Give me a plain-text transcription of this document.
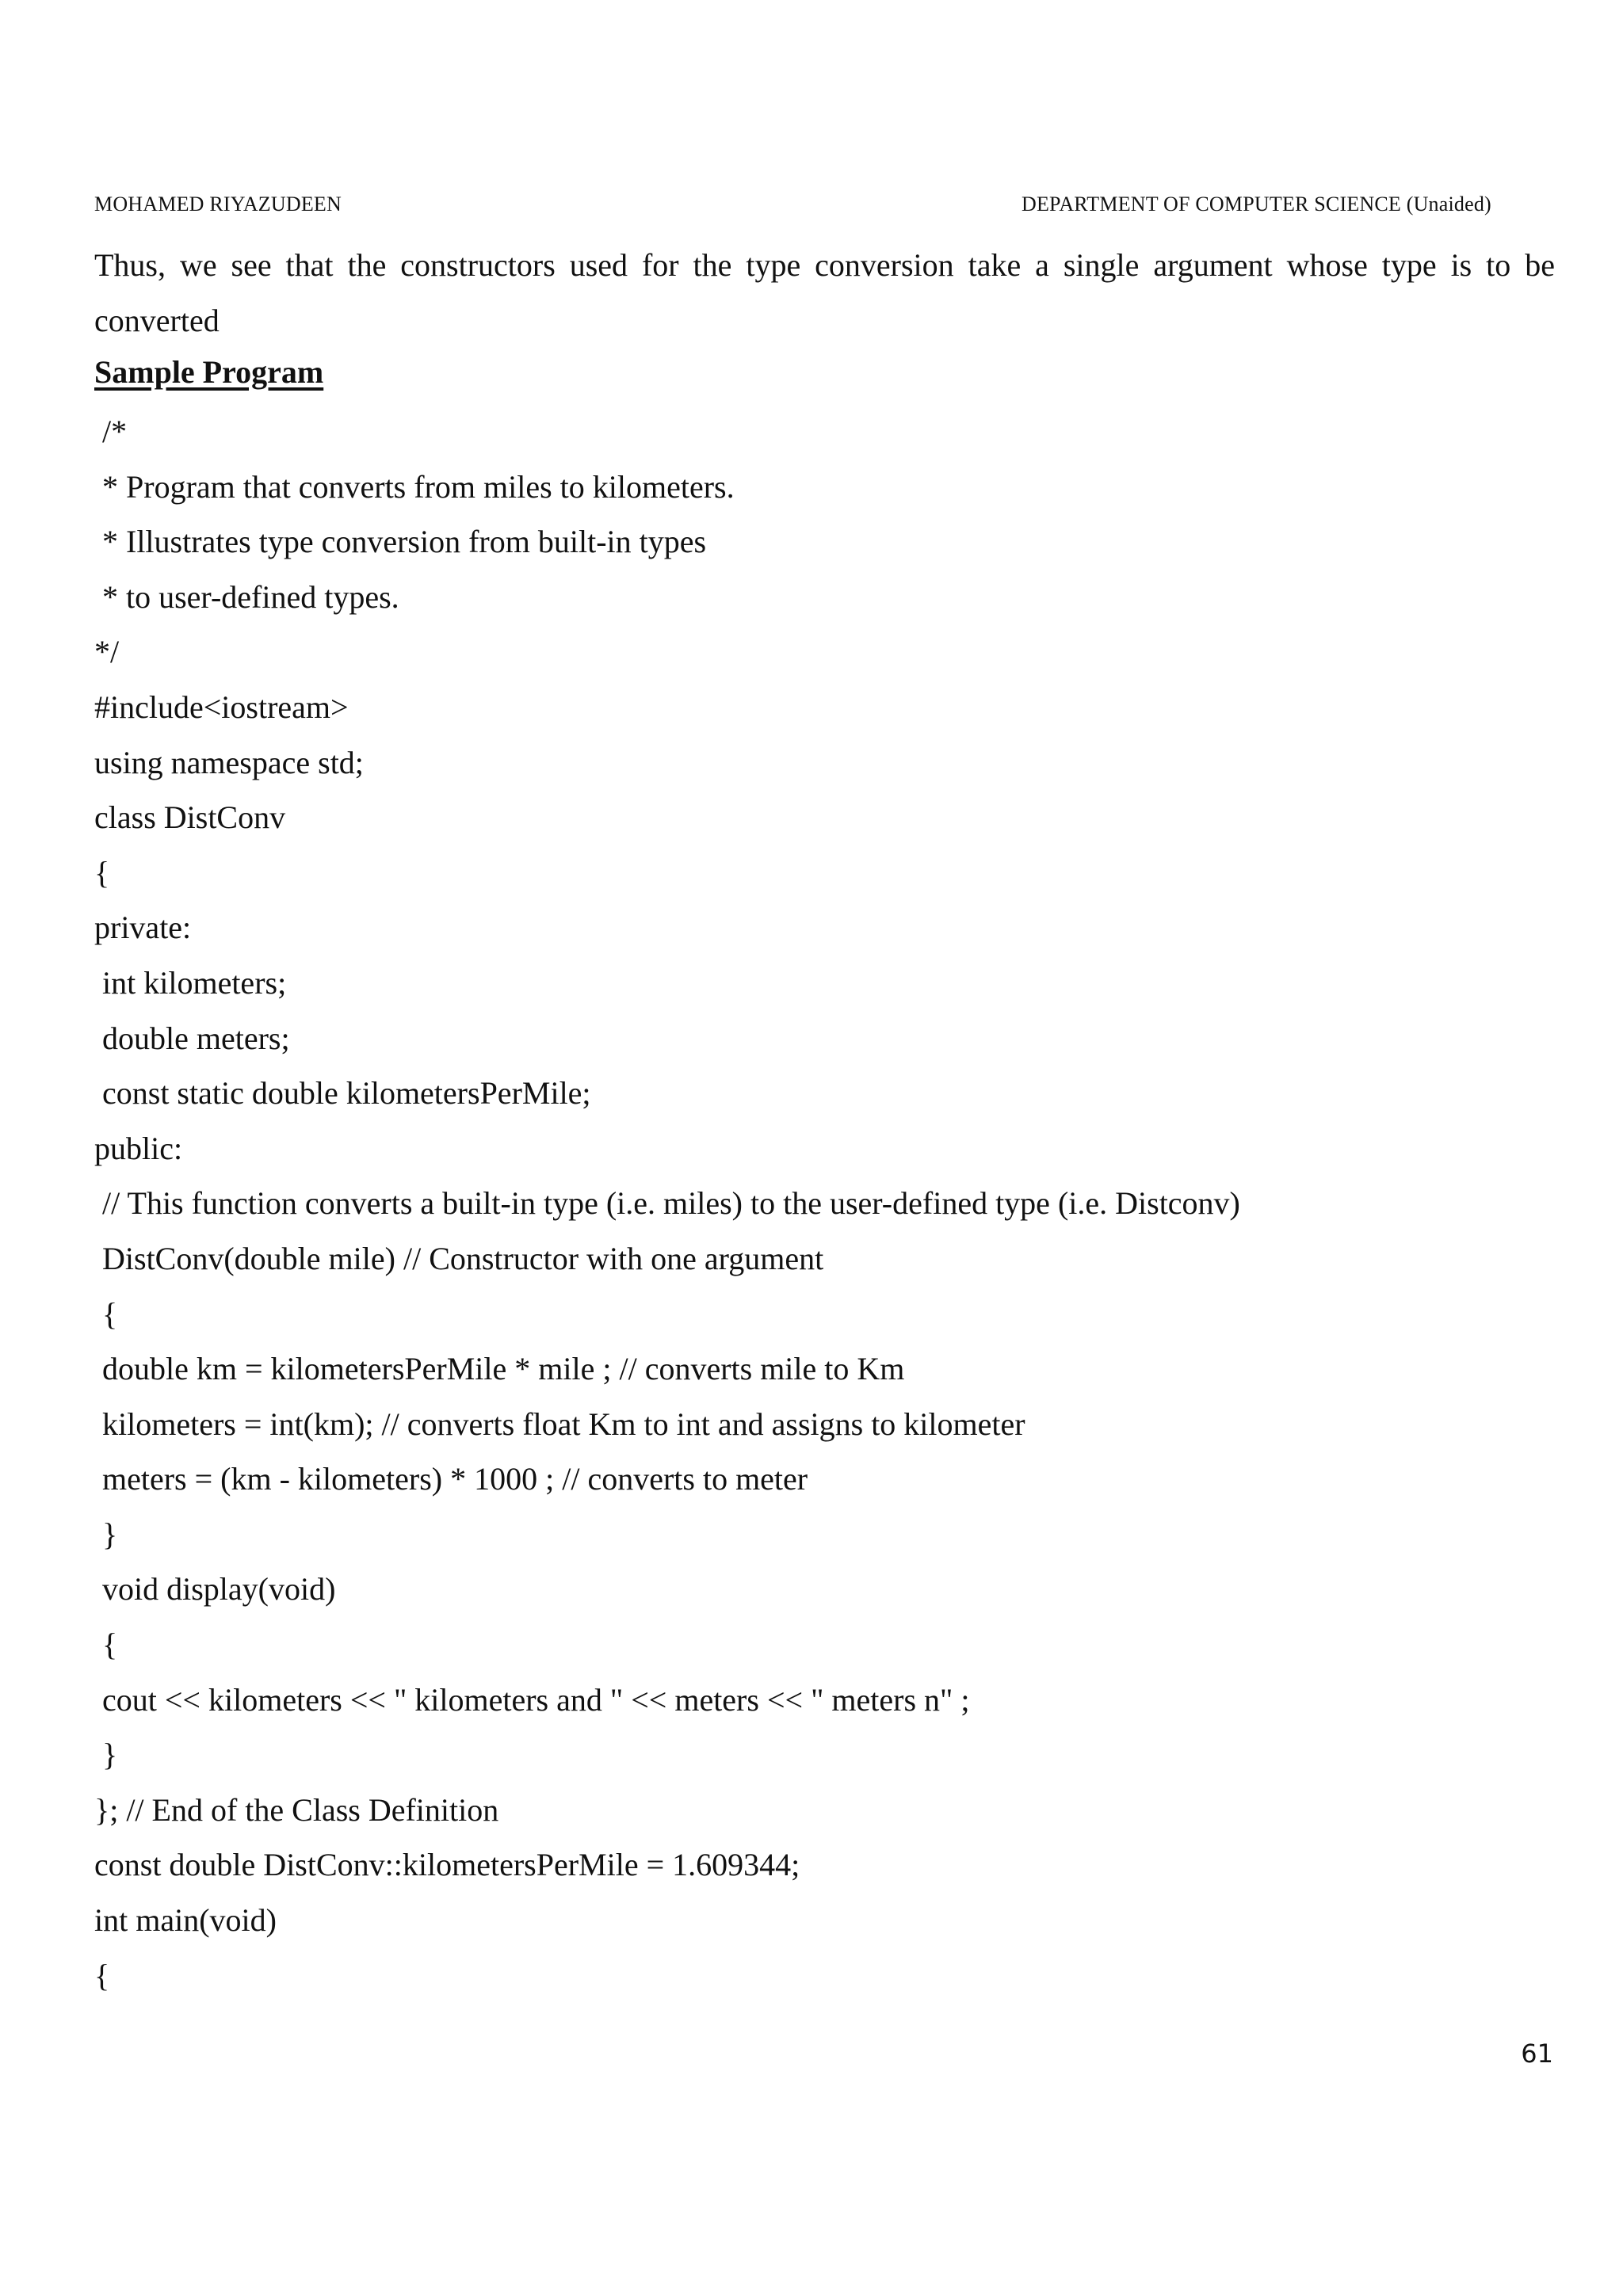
MOHAMED RIYAZUDEEN	DEPARTMENT OF COMPUTER SCIENCE (Unaided)
Thus, we see that the constructors used for the type conversion take a single argument whose type is to be
converted
Sample Program
/*
* Program that converts from miles to kilometers.
* Illustrates type conversion from built-in types
* to user-defined types.
*/
#include<iostream>
using namespace std;
class DistConv
{
private:
int kilometers;
double meters;
const static double kilometersPerMile;
public:
// This function converts a built-in type (i.e. miles) to the user-defined type (i.e. Distconv)
DistConv(double mile) // Constructor with one argument
{
double km = kilometersPerMile * mile ; // converts mile to Km
kilometers = int(km); // converts float Km to int and assigns to kilometer
meters = (km - kilometers) * 1000 ; // converts to meter
}
void display(void)
{
cout << kilometers << " kilometers and " << meters << " meters n" ;
}
}; // End of the Class Definition
const double DistConv::kilometersPerMile = 1.609344;
int main(void)
{
61
